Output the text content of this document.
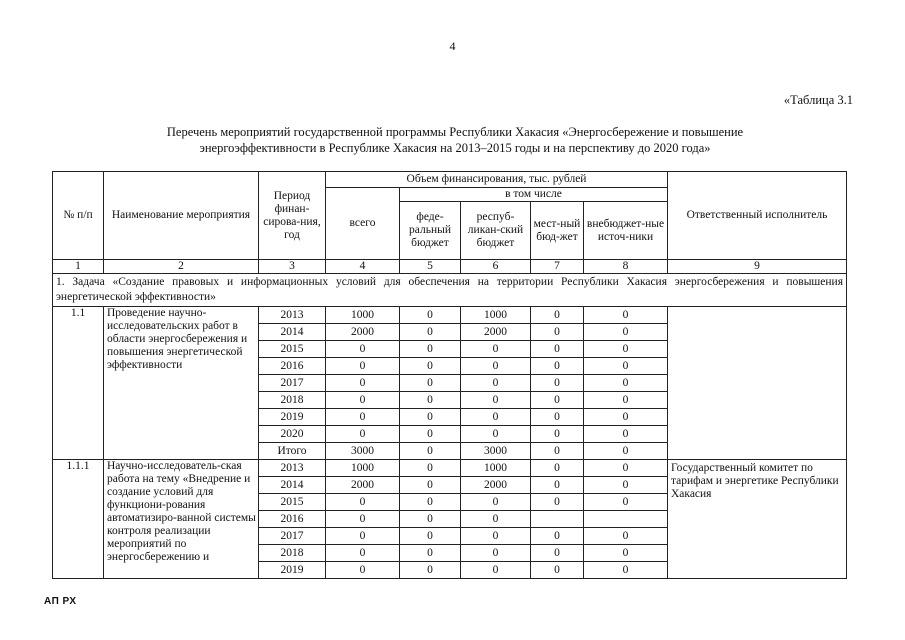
4
«Таблица 3.1
Перечень мероприятий государственной программы Республики Хакасия «Энергосбережение и повышение
энергоэффективности в Республике Хакасия на 2013–2015 годы и на перспективу до 2020 года»
№ п/п	Наименование мероприятия	Период финан-сирова-ния, год	Объем финансирования, тыс. рублей					Ответственный исполнитель
			всего	в том числе				
				феде-ральный бюджет	респуб-ликан-ский бюджет	мест-ный бюд-жет	внебюджет-ные источ-ники	
1	2	3	4	5	6	7	8	9
1. Задача «Создание правовых и информационных условий для обеспечения на территории Республики Хакасия энергосбережения и повышения энергетической эффективности»								
1.1	Проведение научно-исследовательских работ в области энергосбережения и повышения энергетической эффективности	2013	1000	0	1000	0	0	
		2014	2000	0	2000	0	0	
		2015	0	0	0	0	0	
		2016	0	0	0	0	0	
		2017	0	0	0	0	0	
		2018	0	0	0	0	0	
		2019	0	0	0	0	0	
		2020	0	0	0	0	0	
		Итого	3000	0	3000	0	0	
1.1.1	Научно-исследователь-ская работа на тему «Внедрение и создание условий для функциони-рования автоматизиро-ванной системы контроля реализации мероприятий по энергосбережению и	2013	1000	0	1000	0	0	Государственный комитет по тарифам и энергетике Республики Хакасия
		2014	2000	0	2000	0	0	
		2015	0	0	0	0	0	
		2016	0	0	0			
		2017	0	0	0	0	0	
		2018	0	0	0	0	0	
		2019	0	0	0	0	0	
АП РХ
